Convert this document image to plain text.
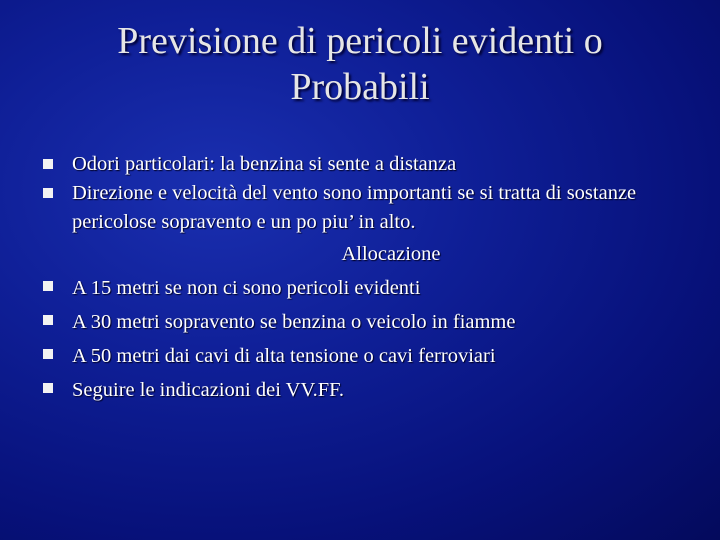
Previsione di pericoli evidenti o
Probabili
Odori particolari: la benzina si sente a distanza
Direzione e velocità del vento sono importanti se si tratta di sostanze pericolose sopravento e un po piu’ in alto.
Allocazione
A 15 metri se non ci sono pericoli evidenti
A 30 metri sopravento se benzina o veicolo in fiamme
A 50 metri dai cavi di alta tensione o cavi ferroviari
Seguire le indicazioni dei VV.FF.
